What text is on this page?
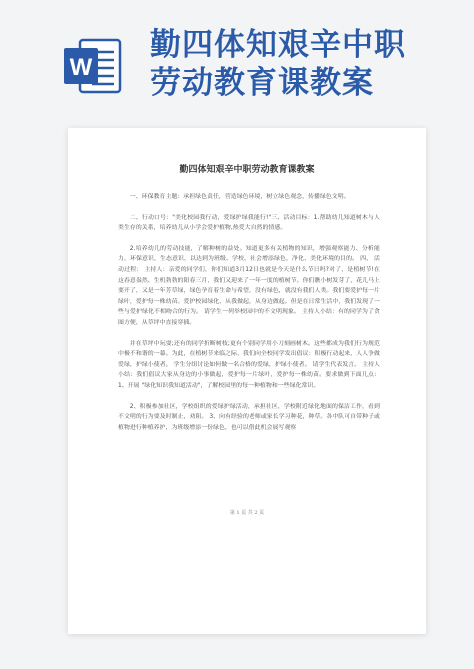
W
勤四体知艰辛中职
劳动教育课教案
勤四体知艰辛中职劳动教育课教案

一、环保教育主题：承担绿色责任，营造绿色环境，树立绿色观念，传播绿色文明。

二、行动口号："美化校园我行动，爱绿护绿我能行!"三、活动目标：1.帮助幼儿知道树木与人类生存的关系，培养幼儿从小学会爱护植物,热爱大自然的情感。

2.培养幼儿的劳动技能，了解种树的益处。知道更多有关植物的知识，增强观察能力、分析能力，环保意识，生态意识，以达到为班级、学校、社会增添绿色，净化、美化环境的目的。 四、 活动过程： 主持人：亲爱的同学们，你们知道3月12日也就是今天是什么节日吗?对了，是植树节!在这春意盎然、生机勃勃的阳春三月，我们又迎来了一年一度的植树节。你们瞧小树发芽了，花儿马上要开了，又是一年芳草绿，绿色孕育着生命与希望，没有绿色，就没有我们人类。我们要爱护每一片绿叶，爱护每一株幼苗。爱护校园绿化，从我做起，从身边做起。但是在日常生活中，我们发现了一些与爱护绿化不相吻合的行为。 请学生一列举校园中的不文明现象。 主持人小结：有的同学为了贪图方便，从草坪中直接穿插。

并在草坪中玩耍;还有的同学折断树枝;更有个别同学用小刀刻画树木。这些都成为我们行为规范中极不和谐的一幕。为此，在植树节来临之际，我们向全校同学发出倡议：积极行动起来，人人争做爱绿，护绿小使者。 学生分组讨论如何做一名合格的爱绿，护绿小使者。 请学生代表发言。 主持人小结：我们倡议大家从身边的小事做起，爱护每一片绿叶，爱护每一株幼苗。要求做到下面几点：1、开展 "绿化知识我知道活动"，了解校园里的每一种植物和一些绿化常识。

2、积极参加社区，学校组织的爱绿护绿活动，承担社区，学校附近绿化地面的保洁工作，看到不文明的行为要及时制止，劝阻。 3、向有经验的老师或家长学习种花，种草。各中队可自带种子或植物进行种植养护，为班级增添一份绿色，也可以借此机会展写观察

第 1 页 共 2 页
